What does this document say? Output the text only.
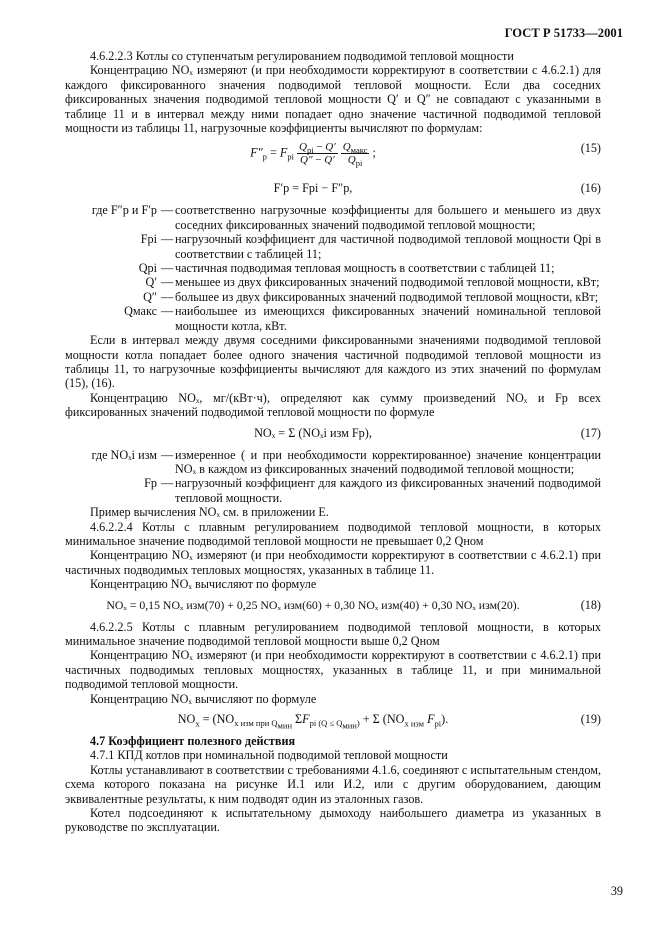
ГОСТ Р 51733—2001

4.6.2.2.3 Котлы со ступенчатым регулированием подводимой тепловой мощности

Концентрацию NOₓ измеряют (и при необходимости корректируют в соответствии с 4.6.2.1) для каждого фиксированного значения подводимой тепловой мощности. Если два соседних фиксированных значения подводимой тепловой мощности Q′ и Q″ не совпадают с указанными в таблице 11 и в интервал между ними попадает одно значение частичной подводимой тепловой мощности из таблицы 11, нагрузочные коэффициенты вычисляют по формулам:

$F''_p = F_{pi} \frac{Q_{pi} - Q'}{Q'' - Q'}$
$\frac{Q_{макс}}{Q_{pi}}$ ;	(15)
F′p = Fpi − F″p,	(16)
где F″p и F′p — соответственно нагрузочные коэффициенты для большего и меньшего из двух соседних фиксированных значений подводимой тепловой мощности;
Fpi — нагрузочный коэффициент для частичной подводимой тепловой мощности Qpi в соответствии с таблицей 11;
Qpi — частичная подводимая тепловая мощность в соответствии с таблицей 11;
Q′ — меньшее из двух фиксированных значений подводимой тепловой мощности, кВт;
Q″ — большее из двух фиксированных значений подводимой тепловой мощности, кВт;
Qмакс — наибольшее из имеющихся фиксированных значений номинальной тепловой мощности котла, кВт.

Если в интервал между двумя соседними фиксированными значениями подводимой тепловой мощности котла попадает более одного значения частичной подводимой тепловой мощности из таблицы 11, то нагрузочные коэффициенты вычисляют для каждого из этих значений по формулам (15), (16).

Концентрацию NOₓ, мг/(кВт·ч), определяют как сумму произведений NOₓ и Fp всех фиксированных значений подводимой тепловой мощности по формуле

NOₓ = Σ (NOₓi изм Fp),	(17)
где NOₓi изм — измеренное ( и при необходимости корректированное) значение концентрации NOₓ в каждом из фиксированных значений подводимой тепловой мощности;
Fp — нагрузочный коэффициент для каждого из фиксированных значений подводимой тепловой мощности.

Пример вычисления NOₓ см. в приложении Е.

4.6.2.2.4 Котлы с плавным регулированием подводимой тепловой мощности, в которых минимальное значение подводимой тепловой мощности не превышает 0,2 Qном

Концентрацию NOₓ измеряют (и при необходимости корректируют в соответствии с 4.6.2.1) при частичных подводимых тепловых мощностях, указанных в таблице 11.

Концентрацию NOₓ вычисляют по формуле

NOₓ = 0,15 NOₓ изм(70) + 0,25 NOₓ изм(60) + 0,30 NOₓ изм(40) + 0,30 NOₓ изм(20).	(18)

4.6.2.2.5 Котлы с плавным регулированием подводимой тепловой мощности, в которых минимальное значение подводимой тепловой мощности выше 0,2 Qном

Концентрацию NOₓ измеряют (и при необходимости корректируют в соответствии с 4.6.2.1) при частичных подводимых тепловых мощностях, указанных в таблице 11, и при минимальной подводимой тепловой мощности.

Концентрацию NOₓ вычисляют по формуле

$NO_x = (NO_{x изм при Q_{мин}}$ $\Sigma F_{pi (Q \le Q_{мин})} + \Sigma$ ($NO_{x изм}$ $F_{pi}$).	(19)

4.7 Коэффициент полезного действия

4.7.1 КПД котлов при номинальной подводимой тепловой мощности

Котлы устанавливают в соответствии с требованиями 4.1.6, соединяют с испытательным стендом, схема которого показана на рисунке И.1 или И.2, или с другим оборудованием, дающим эквивалентные результаты, к ним подводят один из эталонных газов.

Котел подсоединяют к испытательному дымоходу наибольшего диаметра из указанных в руководстве по эксплуатации.

39
